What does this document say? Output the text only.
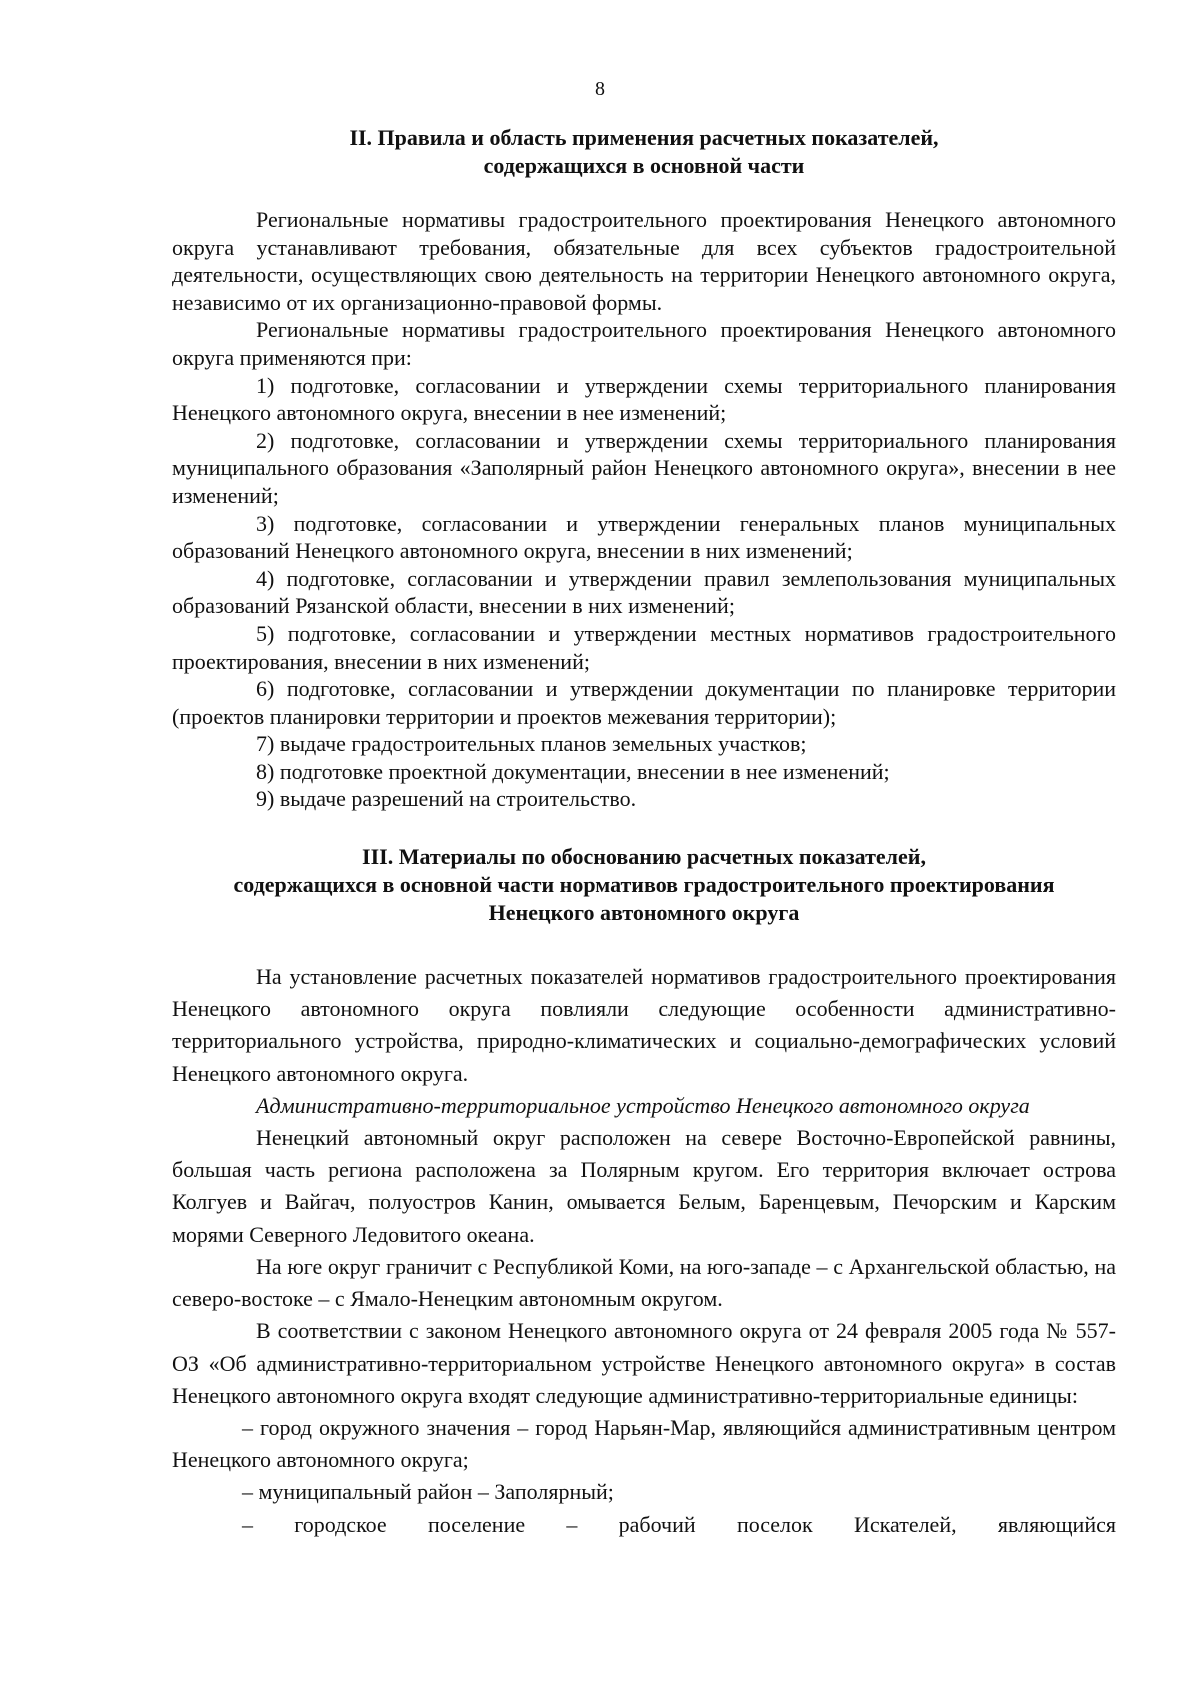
8
II. Правила и область применения расчетных показателей,
содержащихся в основной части

Региональные нормативы градостроительного проектирования Ненецкого автономного округа устанавливают требования, обязательные для всех субъектов градостроительной деятельности, осуществляющих свою деятельность на территории Ненецкого автономного округа, независимо от их организационно-правовой формы.

Региональные нормативы градостроительного проектирования Ненецкого автономного округа применяются при:

1) подготовке, согласовании и утверждении схемы территориального планирования Ненецкого автономного округа, внесении в нее изменений;

2) подготовке, согласовании и утверждении схемы территориального планирования муниципального образования «Заполярный район Ненецкого автономного округа», внесении в нее изменений;

3) подготовке, согласовании и утверждении генеральных планов муниципальных образований Ненецкого автономного округа, внесении в них изменений;

4) подготовке, согласовании и утверждении правил землепользования муниципальных образований Рязанской области, внесении в них изменений;

5) подготовке, согласовании и утверждении местных нормативов градостроительного проектирования, внесении в них изменений;

6) подготовке, согласовании и утверждении документации по планировке территории (проектов планировки территории и проектов межевания территории);

7) выдаче градостроительных планов земельных участков;

8) подготовке проектной документации, внесении в нее изменений;

9) выдаче разрешений на строительство.

III. Материалы по обоснованию расчетных показателей,
содержащихся в основной части нормативов градостроительного проектирования
Ненецкого автономного округа

На установление расчетных показателей нормативов градостроительного проектирования Ненецкого автономного округа повлияли следующие особенности административно-территориального устройства, природно-климатических и социально-демографических условий Ненецкого автономного округа.

Административно-территориальное устройство Ненецкого автономного округа

Ненецкий автономный округ расположен на севере Восточно-Европейской равнины, большая часть региона расположена за Полярным кругом. Его территория включает острова Колгуев и Вайгач, полуостров Канин, омывается Белым, Баренцевым, Печорским и Карским морями Северного Ледовитого океана.

На юге округ граничит с Республикой Коми, на юго-западе – с Архангельской областью, на северо-востоке – с Ямало-Ненецким автономным округом.

В соответствии с законом Ненецкого автономного округа от 24 февраля 2005 года № 557-ОЗ «Об административно-территориальном устройстве Ненецкого автономного округа» в состав Ненецкого автономного округа входят следующие административно-территориальные единицы:

– город окружного значения – город Нарьян-Мар, являющийся административным центром Ненецкого автономного округа;

– муниципальный район – Заполярный;

– городское поселение – рабочий поселок Искателей, являющийся
